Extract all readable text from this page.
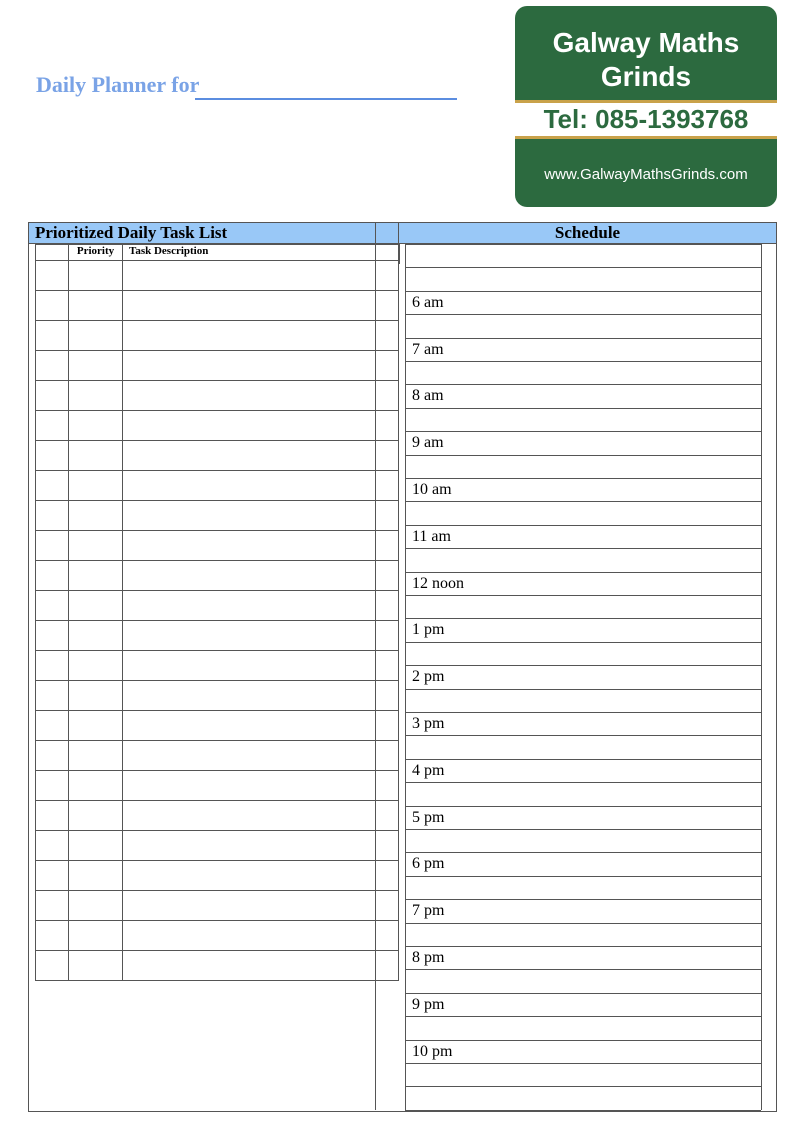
Daily Planner for
Galway Maths
Grinds
Tel: 085-1393768
www.GalwayMathsGrinds.com
Prioritized Daily Task List	Schedule
	Priority	Task Description	

6 am
7 am
8 am
9 am
10 am
11 am
12 noon
1 pm
2 pm
3 pm
4 pm
5 pm
6 pm
7 pm
8 pm
9 pm
10 pm
